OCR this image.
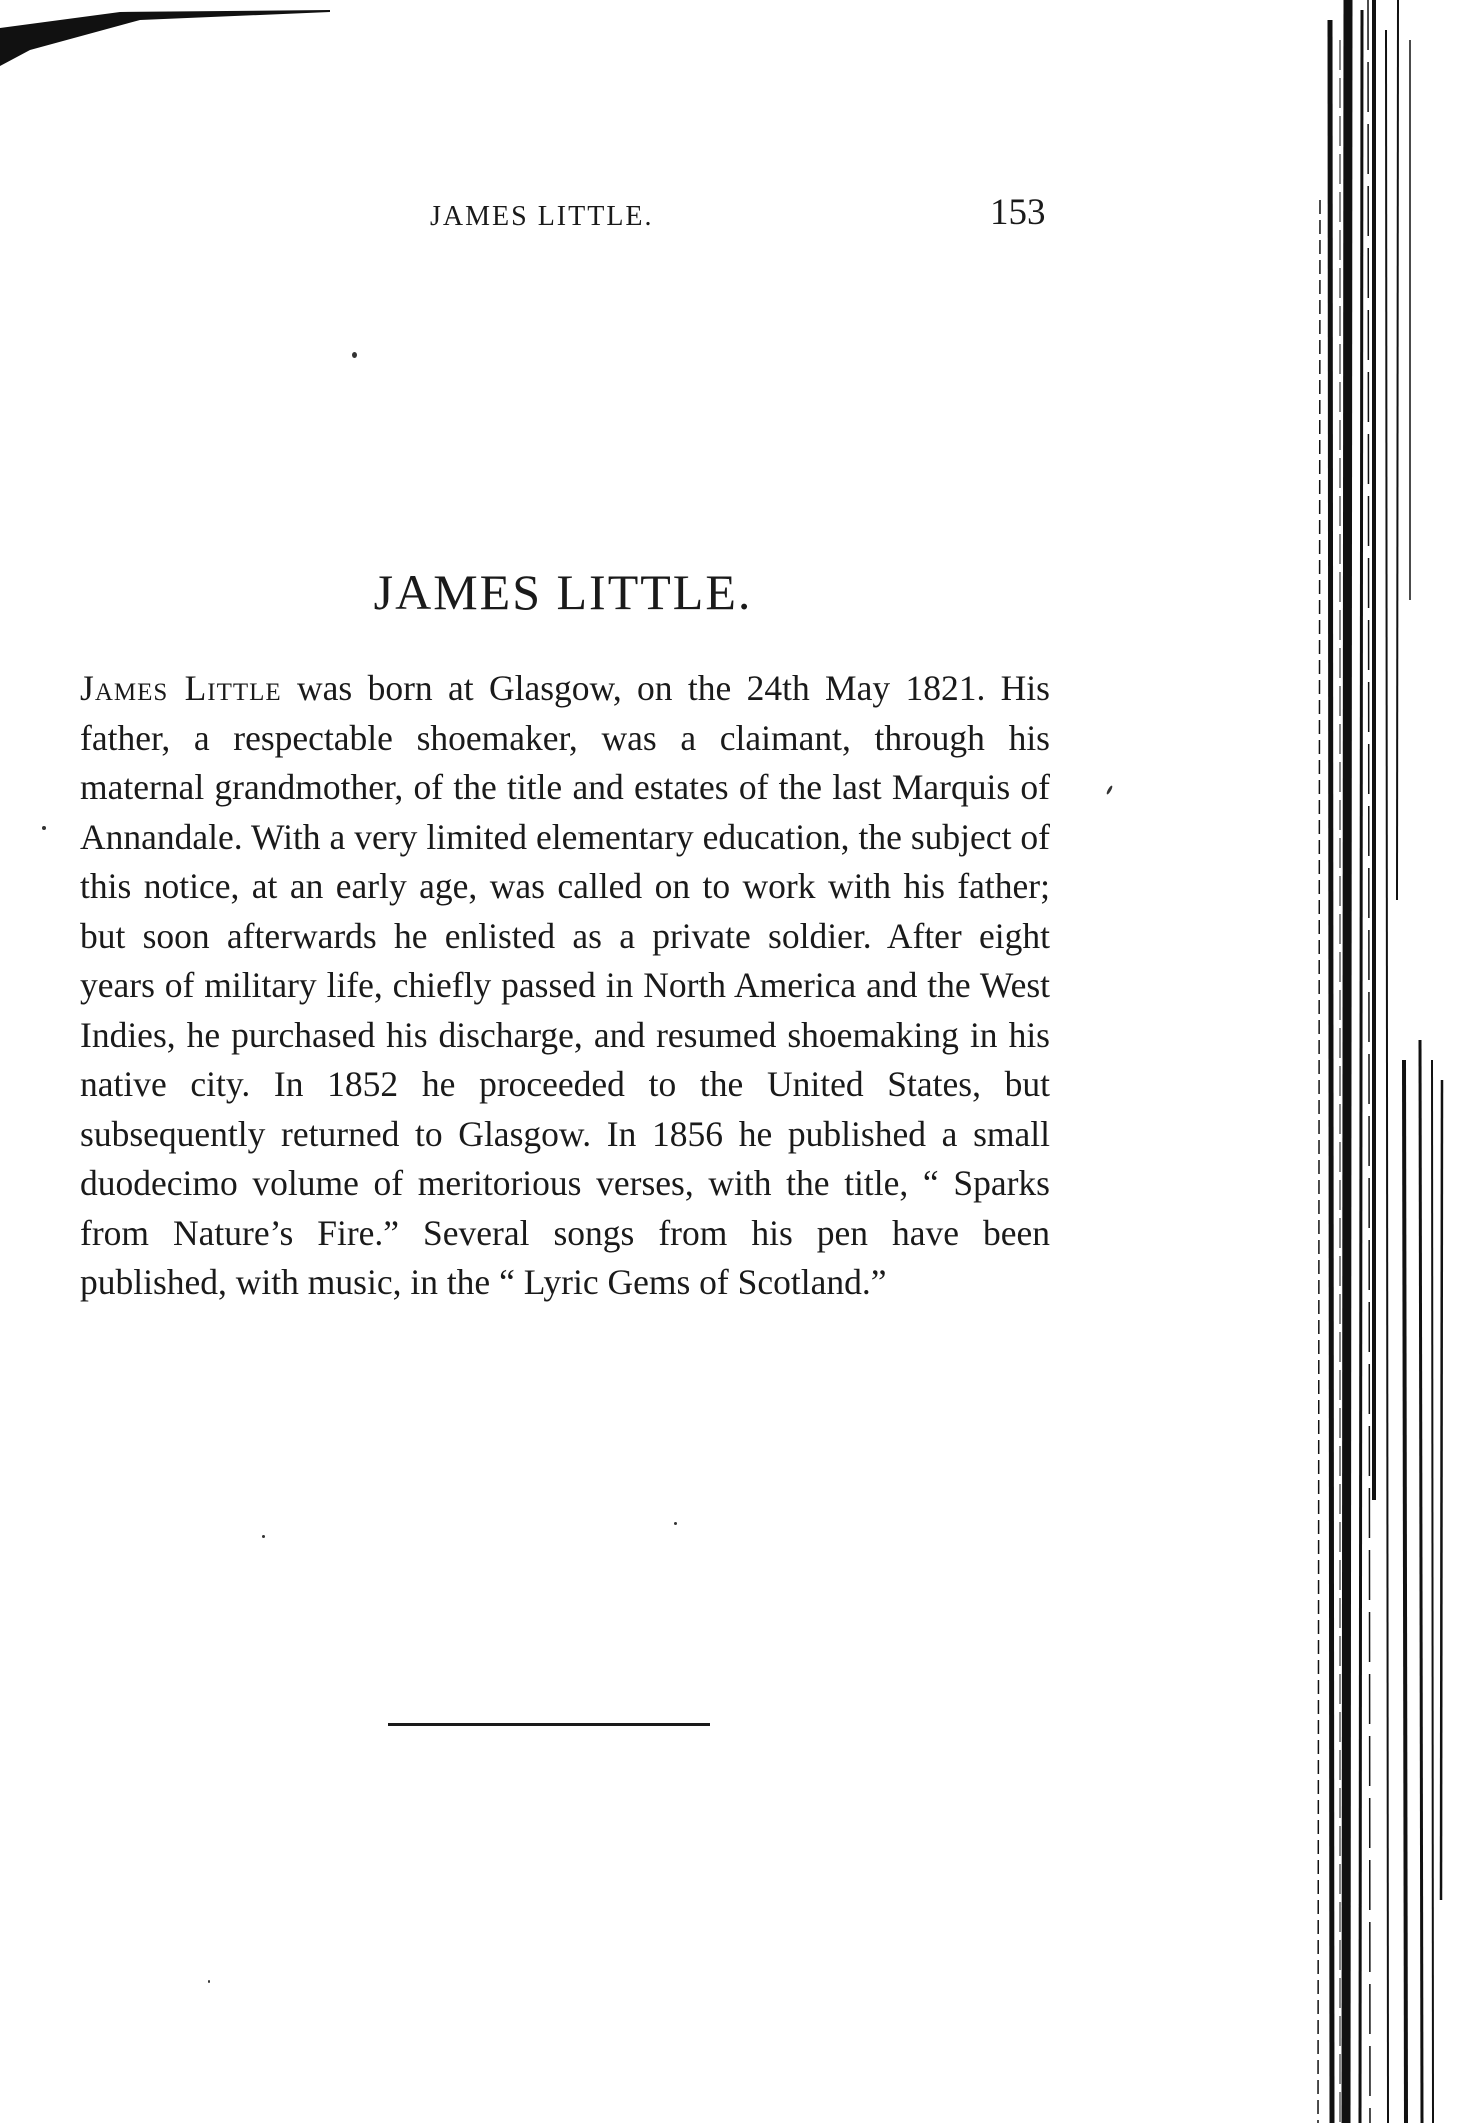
JAMES LITTLE.	153
JAMES LITTLE.

James Little was born at Glasgow, on the 24th May 1821. His father, a respectable shoemaker, was a claimant, through his maternal grandmother, of the title and estates of the last Marquis of Annandale. With a very limited elementary education, the subject of this notice, at an early age, was called on to work with his father; but soon afterwards he enlisted as a private soldier. After eight years of military life, chiefly passed in North America and the West Indies, he purchased his discharge, and resumed shoemaking in his native city. In 1852 he proceeded to the United States, but subsequently returned to Glasgow. In 1856 he published a small duodecimo volume of meritorious verses, with the title, “ Sparks from Nature’s Fire.” Several songs from his pen have been published, with music, in the “ Lyric Gems of Scotland.”
